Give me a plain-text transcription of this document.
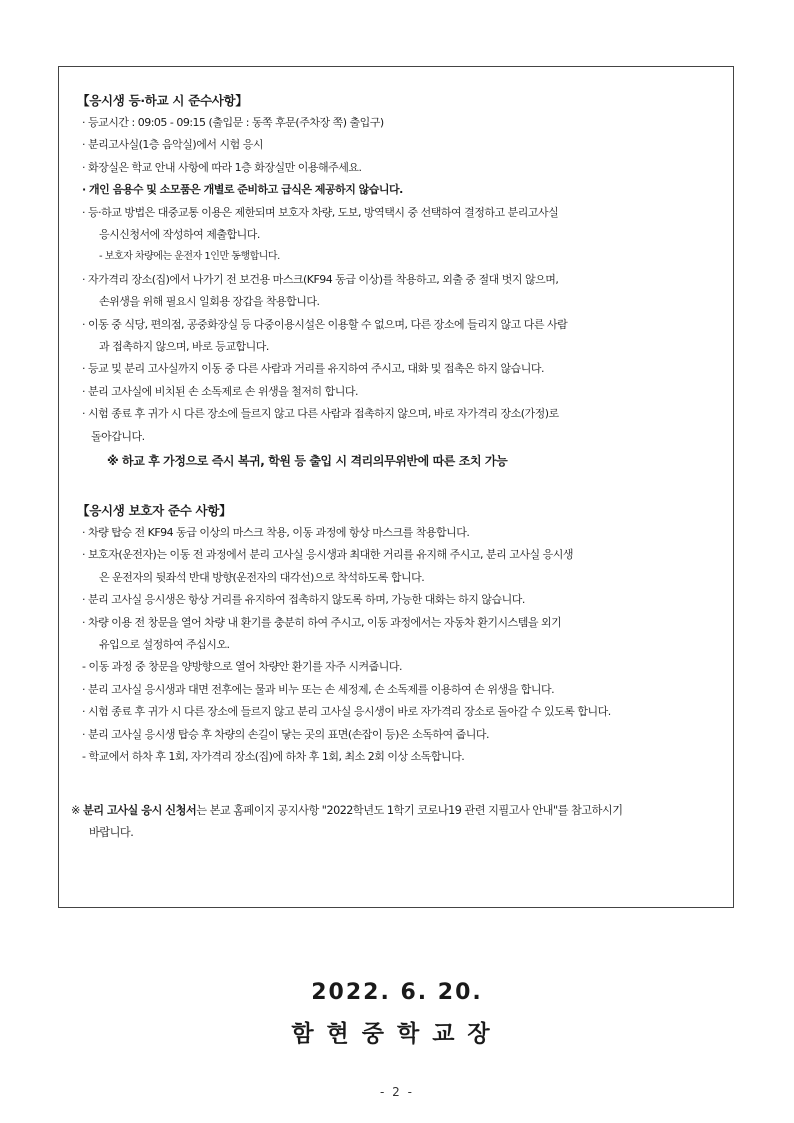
【응시생 등·하교 시 준수사항】
· 등교시간 : 09:05 - 09:15 (출입문 : 동쪽 후문(주차장 쪽) 출입구)
· 분리고사실(1층 음악실)에서 시험 응시
· 화장실은 학교 안내 사항에 따라 1층 화장실만 이용해주세요.
· 개인 음용수 및 소모품은 개별로 준비하고 급식은 제공하지 않습니다.
· 등·하교 방법은 대중교통 이용은 제한되며 보호자 차량, 도보, 방역택시 중 선택하여 결정하고 분리고사실
응시신청서에 작성하여 제출합니다.
- 보호자 차량에는 운전자 1인만 동행합니다.
· 자가격리 장소(집)에서 나가기 전 보건용 마스크(KF94 동급 이상)를 착용하고, 외출 중 절대 벗지 않으며,
손위생을 위해 필요시 일회용 장갑을 착용합니다.
· 이동 중 식당, 편의점, 공중화장실 등 다중이용시설은 이용할 수 없으며, 다른 장소에 들리지 않고 다른 사람
과 접촉하지 않으며, 바로 등교합니다.
· 등교 및 분리 고사실까지 이동 중 다른 사람과 거리를 유지하여 주시고, 대화 및 접촉은 하지 않습니다.
· 분리 고사실에 비치된 손 소독제로 손 위생을 철저히 합니다.
· 시험 종료 후 귀가 시 다른 장소에 들르지 않고 다른 사람과 접촉하지 않으며, 바로 자가격리 장소(가정)로
돌아갑니다.
※ 하교 후 가정으로 즉시 복귀, 학원 등 출입 시 격리의무위반에 따른 조치 가능
【응시생 보호자 준수 사항】
· 차량 탑승 전 KF94 동급 이상의 마스크 착용, 이동 과정에 항상 마스크를 착용합니다.
· 보호자(운전자)는 이동 전 과정에서 분리 고사실 응시생과 최대한 거리를 유지해 주시고, 분리 고사실 응시생
은 운전자의 뒷좌석 반대 방향(운전자의 대각선)으로 착석하도록 합니다.
· 분리 고사실 응시생은 항상 거리를 유지하여 접촉하지 않도록 하며, 가능한 대화는 하지 않습니다.
· 차량 이용 전 창문을 열어 차량 내 환기를 충분히 하여 주시고, 이동 과정에서는 자동차 환기시스템을 외기
유입으로 설정하여 주십시오.
- 이동 과정 중 창문을 양방향으로 열어 차량안 환기를 자주 시켜줍니다.
· 분리 고사실 응시생과 대면 전후에는 물과 비누 또는 손 세정제, 손 소독제를 이용하여 손 위생을 합니다.
· 시험 종료 후 귀가 시 다른 장소에 들르지 않고 분리 고사실 응시생이 바로 자가격리 장소로 돌아갈 수 있도록 합니다.
· 분리 고사실 응시생 탑승 후 차량의 손길이 닿는 곳의 표면(손잡이 등)은 소독하여 줍니다.
- 학교에서 하차 후 1회, 자가격리 장소(집)에 하차 후 1회, 최소 2회 이상 소독합니다.
※ 분리 고사실 응시 신청서는 본교 홈페이지 공지사항 "2022학년도 1학기 코로나19 관련 지필고사 안내"를 참고하시기
바랍니다.
2022. 6. 20.
함현중학교장
- 2 -
